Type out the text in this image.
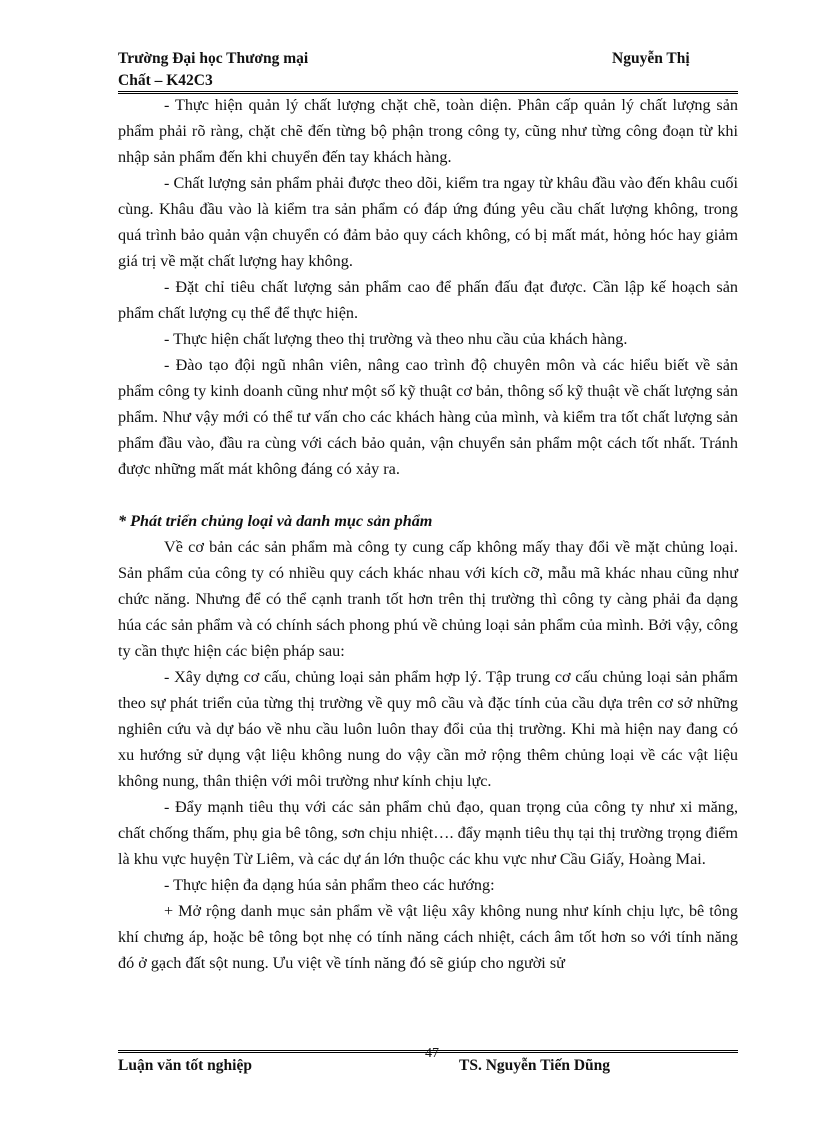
Trường Đại học Thương mại	Nguyễn Thị
Chất – K42C3

- Thực hiện quản lý chất lượng chặt chẽ, toàn diện. Phân cấp quản lý chất lượng sản phẩm phải rõ ràng, chặt chẽ đến từng bộ phận trong công ty, cũng như từng công đoạn từ khi nhập sản phẩm đến khi chuyển đến tay khách hàng.

- Chất lượng sản phẩm phải được theo dõi, kiểm tra ngay từ khâu đầu vào đến khâu cuối cùng. Khâu đầu vào là kiểm tra sản phẩm có đáp ứng đúng yêu cầu chất lượng không, trong quá trình bảo quản vận chuyển có đảm bảo quy cách không, có bị mất mát, hỏng hóc hay giảm giá trị về mặt chất lượng hay không.

- Đặt chỉ tiêu chất lượng sản phẩm cao để phấn đấu đạt được. Cần lập kế hoạch sản phẩm chất lượng cụ thể để thực hiện.

- Thực hiện chất lượng theo thị trường và theo nhu cầu của khách hàng.

- Đào tạo đội ngũ nhân viên, nâng cao trình độ chuyên môn và các hiểu biết về sản phẩm công ty kinh doanh cũng như một số kỹ thuật cơ bản, thông số kỹ thuật về chất lượng sản phẩm. Như vậy mới có thể tư vấn cho các khách hàng của mình, và kiểm tra tốt chất lượng sản phẩm đầu vào, đầu ra cùng với cách bảo quản, vận chuyển sản phẩm một cách tốt nhất. Tránh được những mất mát không đáng có xảy ra.

* Phát triển chủng loại và danh mục sản phẩm

Về cơ bản các sản phẩm mà công ty cung cấp không mấy thay đổi về mặt chủng loại. Sản phẩm của công ty có nhiều quy cách khác nhau với kích cỡ, mẫu mã khác nhau cũng như chức năng. Nhưng để có thể cạnh tranh tốt hơn trên thị trường thì công ty càng phải đa dạng húa các sản phẩm và có chính sách phong phú về chủng loại sản phẩm của mình. Bởi vậy, công ty cần thực hiện các biện pháp sau:

- Xây dựng cơ cấu, chủng loại sản phẩm hợp lý. Tập trung cơ cấu chủng loại sản phẩm theo sự phát triển của từng thị trường về quy mô cầu và đặc tính của cầu dựa trên cơ sở những nghiên cứu và dự báo về nhu cầu luôn luôn thay đổi của thị trường. Khi mà hiện nay đang có xu hướng sử dụng vật liệu không nung do vậy cần mở rộng thêm chủng loại về các vật liệu không nung, thân thiện với môi trường như kính chịu lực.

- Đẩy mạnh tiêu thụ với các sản phẩm chủ đạo, quan trọng của công ty như xi măng, chất chống thấm, phụ gia bê tông, sơn chịu nhiệt…. đẩy mạnh tiêu thụ tại thị trường trọng điểm là khu vực huyện Từ Liêm, và các dự án lớn thuộc các khu vực như Cầu Giấy, Hoàng Mai.

- Thực hiện đa dạng húa sản phẩm theo các hướng:

+ Mở rộng danh mục sản phẩm về vật liệu xây không nung như kính chịu lực, bê tông khí chưng áp, hoặc bê tông bọt nhẹ có tính năng cách nhiệt, cách âm tốt hơn so với tính năng đó ở gạch đất sột nung. Ưu việt về tính năng đó sẽ giúp cho người sử

Luận văn tốt nghiệp
47
TS. Nguyễn Tiến Dũng
